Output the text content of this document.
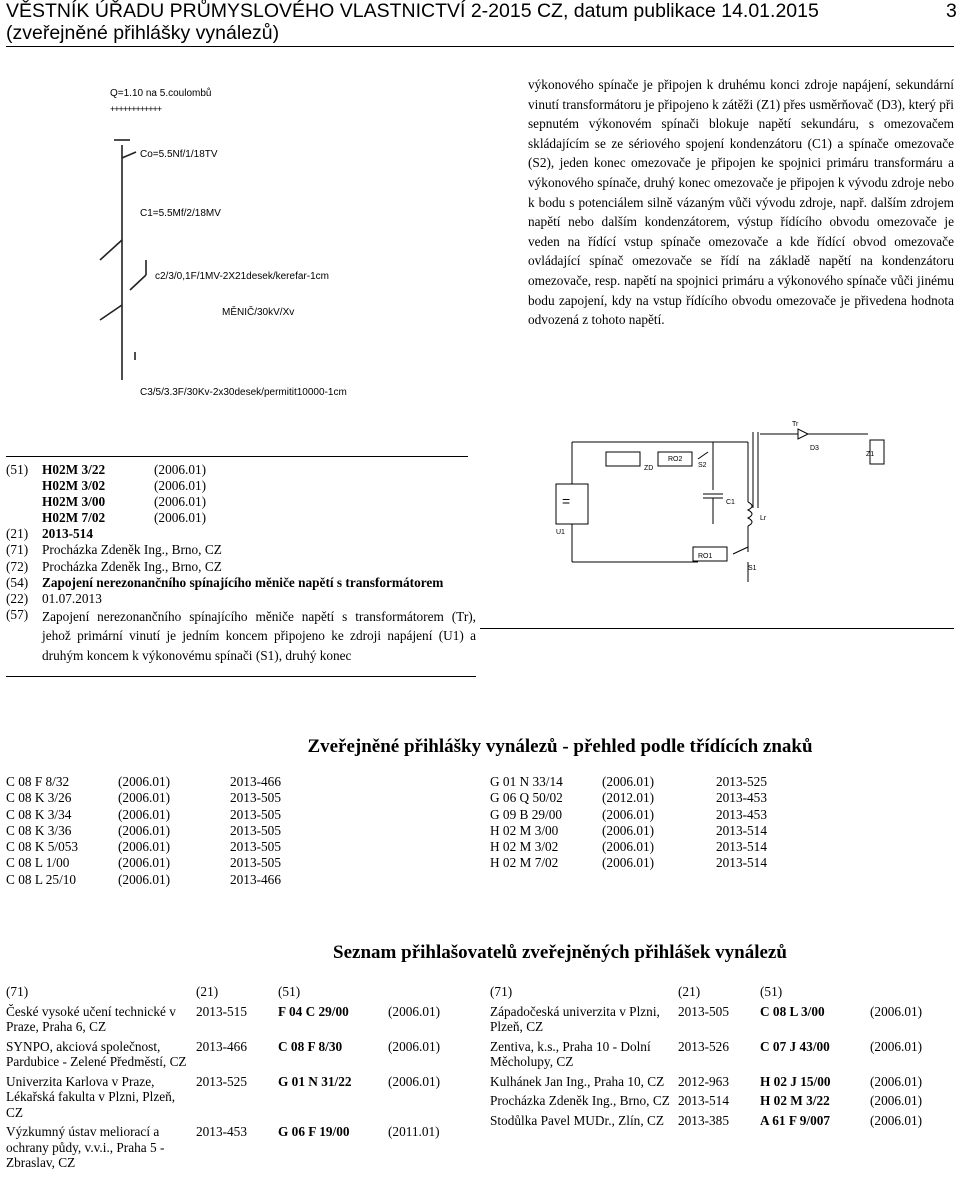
VĚSTNÍK ÚŘADU PRŮMYSLOVÉHO VLASTNICTVÍ 2-2015 CZ, datum publikace 14.01.2015
(zveřejněné přihlášky vynálezů)
3
Q=1.10 na 5.coulombů
++++++++++++
Co=5.5Nf/1/18TV
C1=5.5Mf/2/18MV
c2/3/0,1F/1MV-2X21desek/kerefar-1cm
MĚNIČ/30kV/Xv
C3/5/3.3F/30Kv-2x30desek/permitit10000-1cm
výkonového spínače je připojen k druhému konci zdroje napájení, sekundární vinutí transformátoru je připojeno k zátěži (Z1) přes usměrňovač (D3), který při sepnutém výkonovém spínači blokuje napětí sekundáru, s omezovačem skládajícím se ze sériového spojení kondenzátoru (C1) a spínače omezovače (S2), jeden konec omezovače je připojen ke spojnici primáru transformáru a výkonového spínače, druhý konec omezovače je připojen k vývodu zdroje nebo k bodu s potenciálem silně vázaným vůči vývodu zdroje, např. dalším zdrojem napětí nebo dalším kondenzátorem, výstup řídícího obvodu omezovače je veden na řídící vstup spínače omezovače a kde řídící obvod omezovače ovládající spínač omezovače se řídí na základě napětí na kondenzátoru omezovače, resp. napětí na spojnici primáru a výkonového spínače vůči jinému bodu zapojení, kdy na vstup řídícího obvodu omezovače je přivedena hodnota odvozená z tohoto napětí.
(51)	H02M 3/22	(2006.01)
H02M 3/02	(2006.01)
H02M 3/00	(2006.01)
H02M 7/02	(2006.01)
(21)	2013-514
(71)	Procházka Zdeněk Ing., Brno, CZ
(72)	Procházka Zdeněk Ing., Brno, CZ
(54)	Zapojení nerezonančního spínajícího měniče napětí s transformátorem
(22)	01.07.2013
(57)	Zapojení nerezonančního spínajícího měniče napětí s transformátorem (Tr), jehož primární vinutí je jedním koncem připojeno ke zdroji napájení (U1) a druhým koncem k výkonovému spínači (S1), druhý konec
=
U1
Tr
D3
Z1
ZD
RO2
S2
C1
Lr
RO1
S1
Zveřejněné přihlášky vynálezů - přehled podle třídících znaků
C 08 F 8/32	(2006.01)	2013-466
C 08 K 3/26	(2006.01)	2013-505
C 08 K 3/34	(2006.01)	2013-505
C 08 K 3/36	(2006.01)	2013-505
C 08 K 5/053	(2006.01)	2013-505
C 08 L 1/00	(2006.01)	2013-505
C 08 L 25/10	(2006.01)	2013-466
G 01 N 33/14	(2006.01)	2013-525
G 06 Q 50/02	(2012.01)	2013-453
G 09 B 29/00	(2006.01)	2013-453
H 02 M 3/00	(2006.01)	2013-514
H 02 M 3/02	(2006.01)	2013-514
H 02 M 7/02	(2006.01)	2013-514
Seznam přihlašovatelů zveřejněných přihlášek vynálezů
(71)	(21)	(51)
České vysoké učení technické v Praze, Praha 6, CZ
2013-515	F 04 C 29/00	(2006.01)
SYNPO, akciová společnost, Pardubice - Zelené Předměstí, CZ
2013-466	C 08 F 8/30	(2006.01)
Univerzita Karlova v Praze, Lékařská fakulta v Plzni, Plzeň, CZ
2013-525	G 01 N 31/22	(2006.01)
Výzkumný ústav meliorací a ochrany půdy, v.v.i., Praha 5 - Zbraslav, CZ
2013-453	G 06 F 19/00	(2011.01)
(71)	(21)	(51)
Západočeská univerzita v Plzni, Plzeň, CZ
2013-505	C 08 L 3/00	(2006.01)
Zentiva, k.s., Praha 10 - Dolní Měcholupy, CZ
2013-526	C 07 J 43/00	(2006.01)
Kulhánek Jan Ing., Praha 10, CZ	2012-963	H 02 J 15/00	(2006.01)
Procházka Zdeněk Ing., Brno, CZ 2013-514	H 02 M 3/22	(2006.01)
Stodůlka Pavel MUDr., Zlín, CZ	2013-385	A 61 F 9/007	(2006.01)
